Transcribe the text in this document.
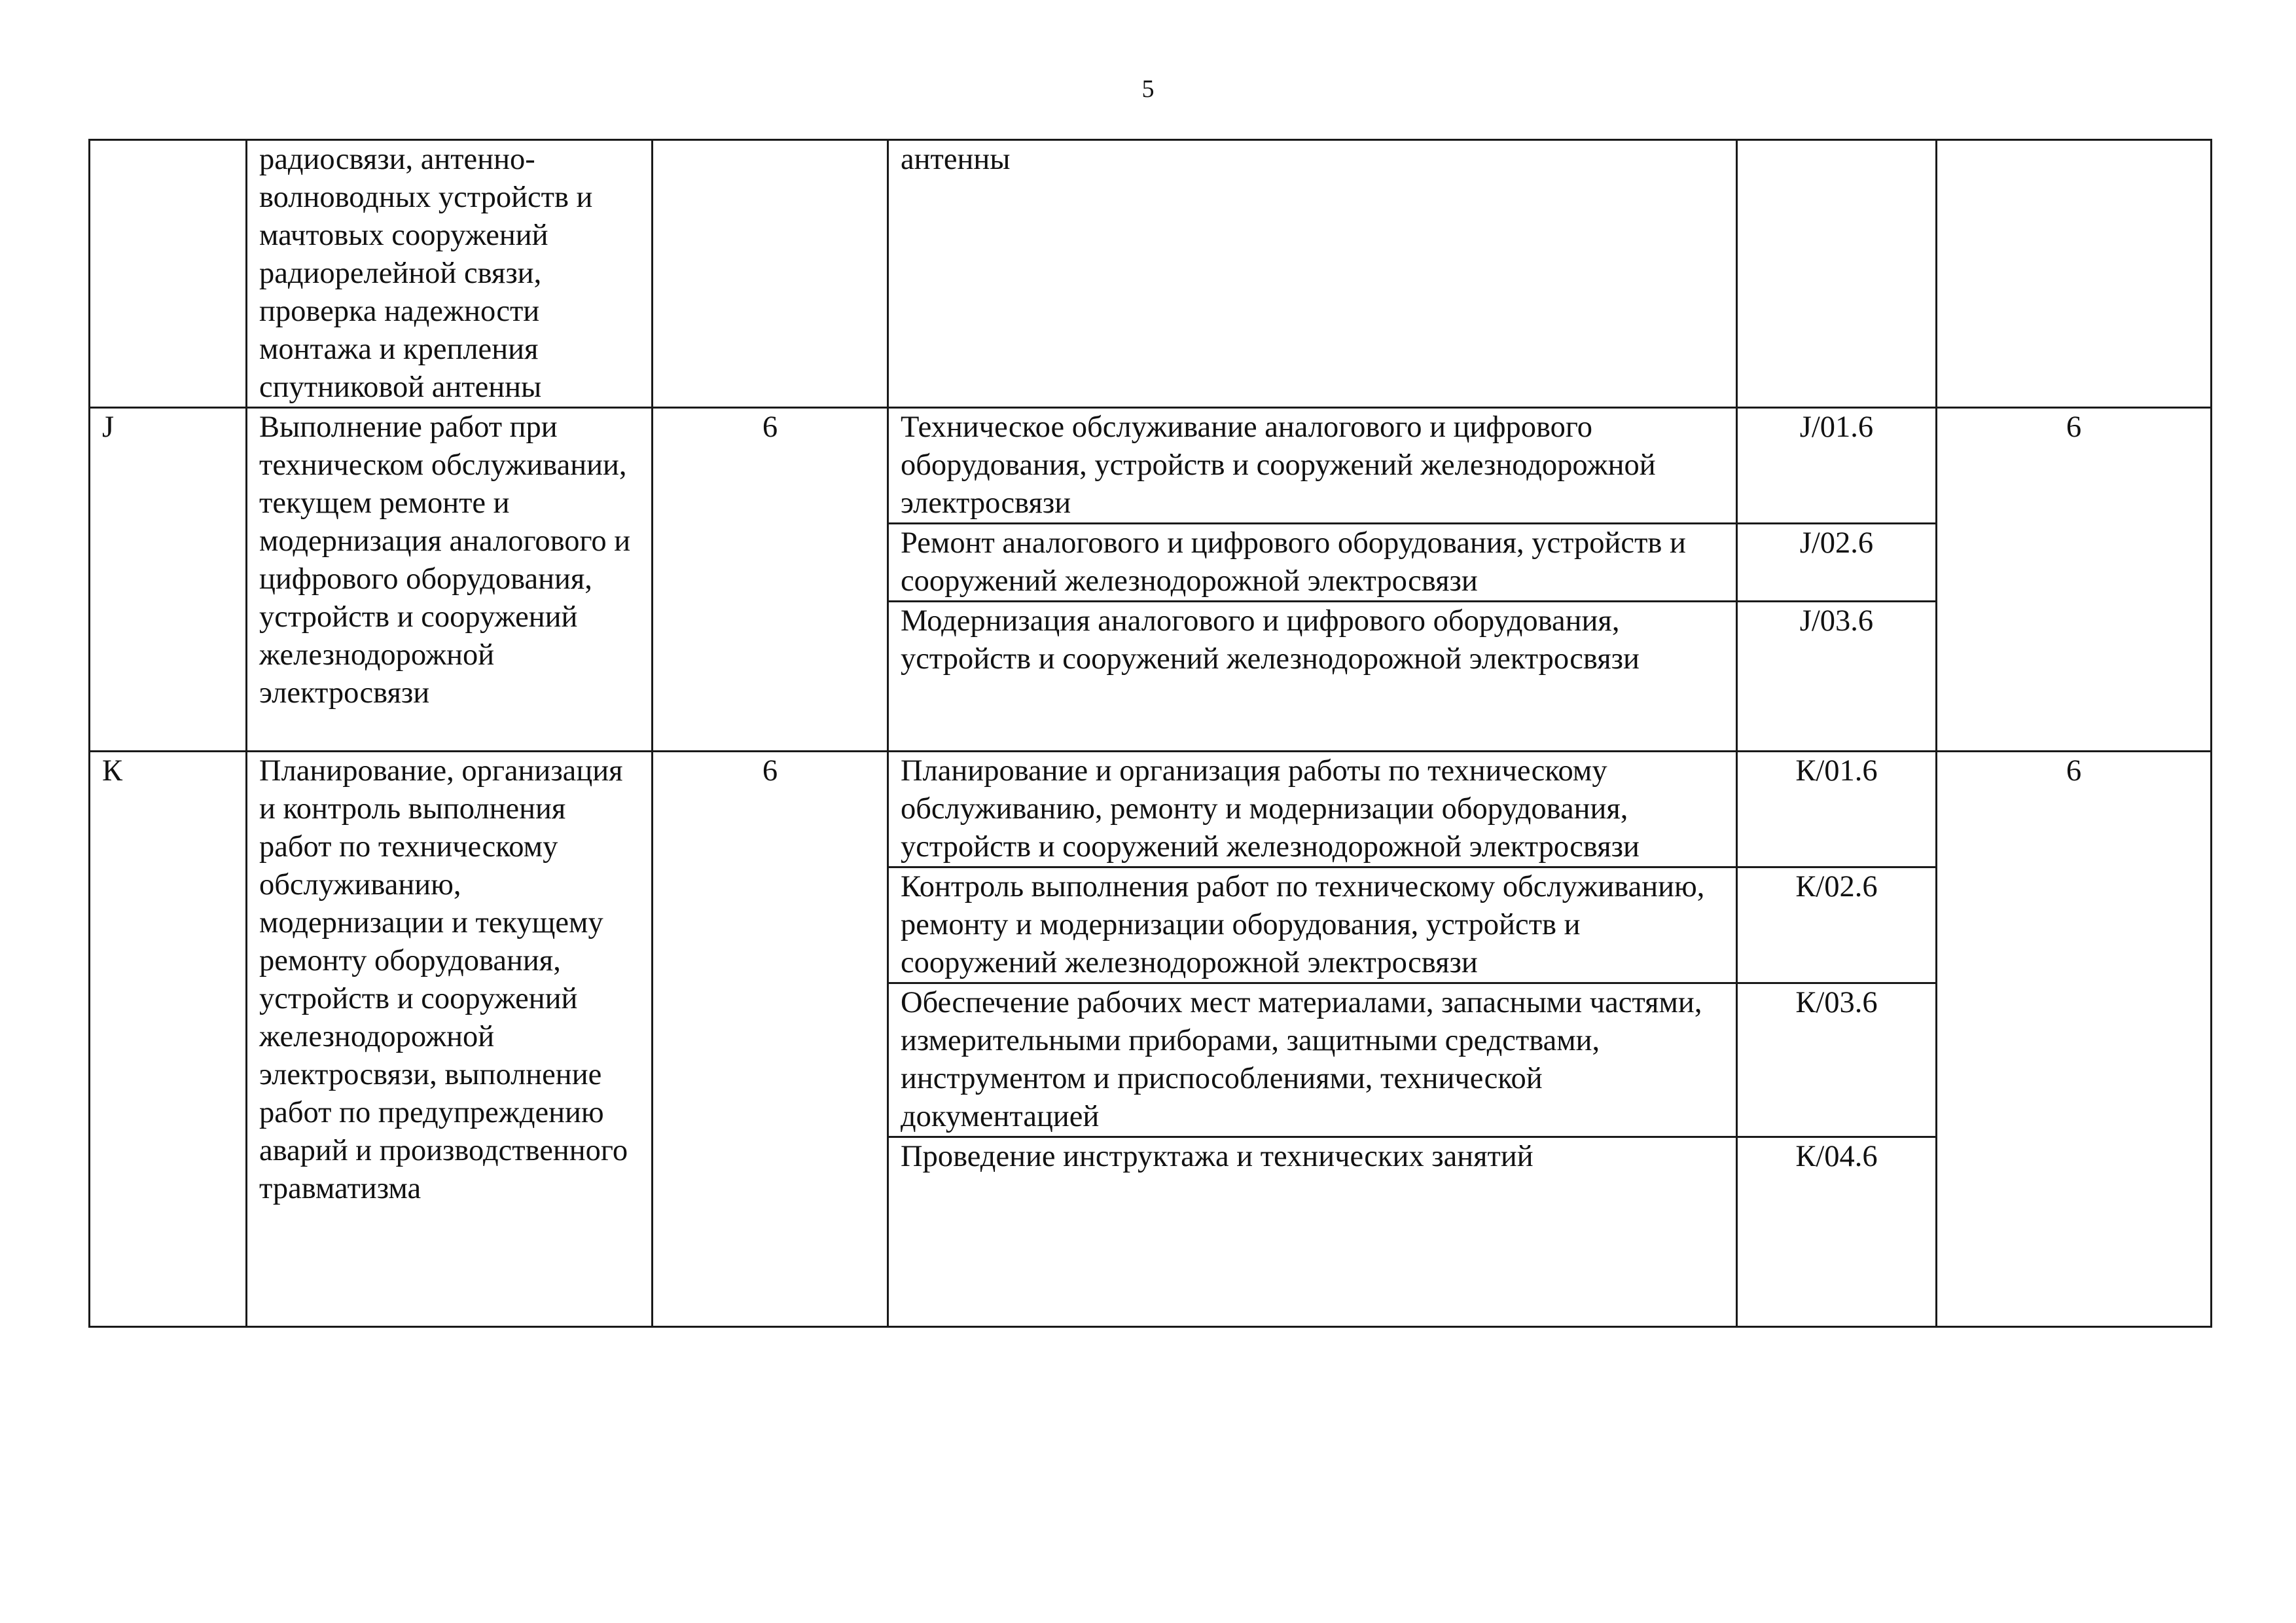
5
	радиосвязи, антенно-волноводных устройств и мачтовых сооружений радиорелейной связи, проверка надежности монтажа и крепления спутниковой антенны		антенны		
J	Выполнение работ при техническом обслуживании, текущем ремонте и модернизация аналогового и цифрового оборудования, устройств и сооружений железнодорожной электросвязи	6	Техническое обслуживание аналогового и цифрового оборудования, устройств и сооружений железнодорожной электросвязи	J/01.6	6
			Ремонт аналогового и цифрового оборудования, устройств и сооружений железнодорожной электросвязи	J/02.6	
			Модернизация аналогового и цифрового оборудования, устройств и сооружений железнодорожной электросвязи	J/03.6	
К	Планирование, организация и контроль выполнения работ по техническому обслуживанию, модернизации и текущему ремонту оборудования, устройств и сооружений железнодорожной электросвязи, выполнение работ по предупреждению аварий и производственного травматизма	6	Планирование и организация работы по техническому обслуживанию, ремонту и модернизации оборудования, устройств и сооружений железнодорожной электросвязи	К/01.6	6
			Контроль выполнения работ по техническому обслуживанию, ремонту и модернизации оборудования, устройств и сооружений железнодорожной электросвязи	К/02.6	
			Обеспечение рабочих мест материалами, запасными частями, измерительными приборами, защитными средствами, инструментом и приспособлениями, технической документацией	К/03.6	
			Проведение инструктажа и технических занятий	К/04.6	
